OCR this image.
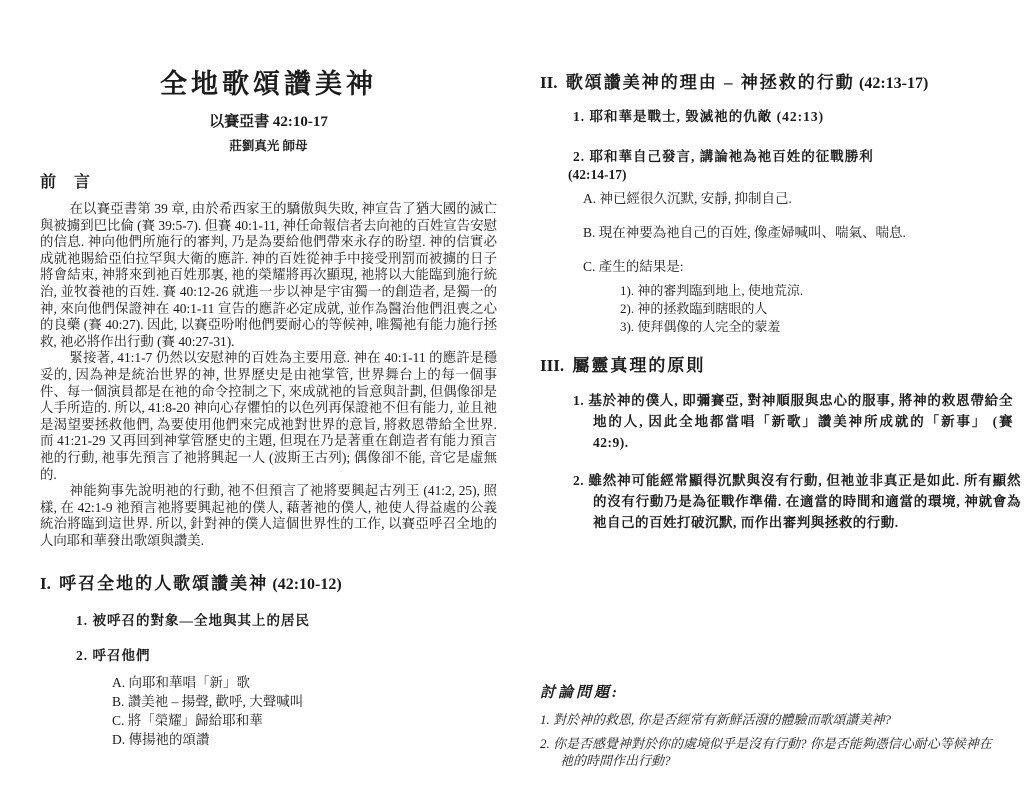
全地歌頌讚美神
以賽亞書 42:10-17
莊劉真光 師母
前 言

在以賽亞書第 39 章, 由於希西家王的驕傲與失敗, 神宣告了猶大國的滅亡與被擄到巴比倫 (賽 39:5-7). 但賽 40:1-11, 神任命報信者去向祂的百姓宣告安慰的信息. 神向他們所施行的審判, 乃是為要給他們帶來永存的盼望. 神的信實必成就祂賜給亞伯拉罕與大衛的應許. 神的百姓從神手中接受刑罰而被擄的日子將會結束, 神將來到祂百姓那裏, 祂的榮耀將再次顯現, 祂將以大能臨到施行統治, 並牧養祂的百姓. 賽 40:12-26 就進一步以神是宇宙獨一的創造者, 是獨一的神, 來向他們保證神在 40:1-11 宣告的應許必定成就, 並作為醫治他們沮喪之心的良藥 (賽 40:27). 因此, 以賽亞吩咐他們要耐心的等候神, 唯獨祂有能力施行拯救, 祂必將作出行動 (賽 40:27-31).

緊接著, 41:1-7 仍然以安慰神的百姓為主要用意. 神在 40:1-11 的應許是穩妥的, 因為神是統治世界的神, 世界歷史是由祂掌管, 世界舞台上的每一個事件、每一個演員都是在祂的命令控制之下, 來成就祂的旨意與計劃, 但偶像卻是人手所造的. 所以, 41:8-20 神向心存懼怕的以色列再保證祂不但有能力, 並且祂是渴望要拯救他們, 為要使用他們來完成祂對世界的意旨, 將救恩帶給全世界. 而 41:21-29 又再回到神掌管歷史的主題, 但現在乃是著重在創造者有能力預言祂的行動, 祂事先預言了祂將興起一人 (波斯王古列); 偶像卻不能, 音它是虛無的.

神能夠事先說明祂的行動, 祂不但預言了祂將要興起古列王 (41:2, 25), 照樣, 在 42:1-9 祂預言祂將要興起祂的僕人, 藉著祂的僕人, 祂使人得益處的公義統治將臨到這世界. 所以, 針對神的僕人這個世界性的工作, 以賽亞呼召全地的人向耶和華發出歌頌與讚美.

I. 呼召全地的人歌頌讚美神 (42:10-12)
1. 被呼召的對象—全地與其上的居民
2. 呼召他們
A. 向耶和華唱「新」歌
B. 讚美祂 – 揚聲, 歡呼, 大聲喊叫
C. 將「榮耀」歸給耶和華
D. 傳揚祂的頌讚
II. 歌頌讚美神的理由 – 神拯救的行動 (42:13-17)
1. 耶和華是戰士, 毀滅祂的仇敵 (42:13)
2. 耶和華自己發言, 講論祂為祂百姓的征戰勝利
(42:14-17)
A. 神已經很久沉默, 安靜, 抑制自己.
B. 現在神要為祂自己的百姓, 像產婦喊叫、喘氣、喘息.
C. 產生的結果是:
1). 神的審判臨到地上, 使地荒涼.
2). 神的拯救臨到瞎眼的人
3). 使拜偶像的人完全的蒙羞
III. 屬靈真理的原則
1. 基於神的僕人, 即彌賽亞, 對神順服與忠心的服事, 將神的救恩帶給全地的人, 因此全地都當唱「新歌」讚美神所成就的「新事」 (賽 42:9).
2. 雖然神可能經常顯得沉默與沒有行動, 但祂並非真正是如此. 所有顯然的沒有行動乃是為征戰作準備. 在適當的時間和適當的環境, 神就會為祂自己的百姓打破沉默, 而作出審判與拯救的行動.
討論問題:
1. 對於神的救恩, 你是否經常有新鮮活潑的體驗而歌頌讚美神?
2. 你是否感覺神對於你的處境似乎是沒有行動? 你是否能夠憑信心耐心等候神在祂的時間作出行動?
